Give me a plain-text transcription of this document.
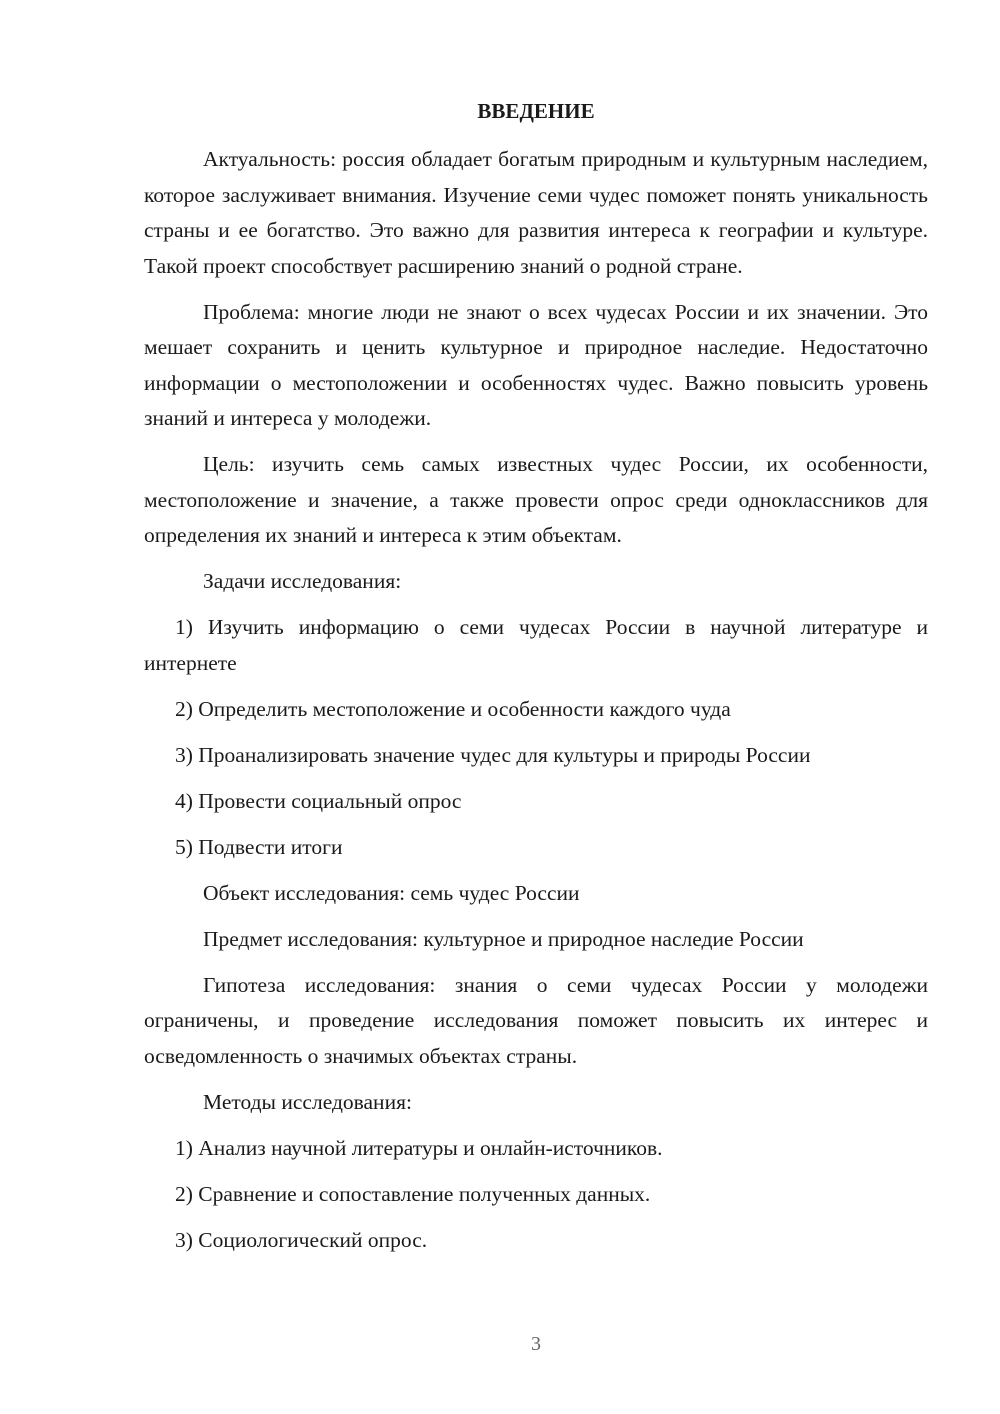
ВВЕДЕНИЕ

Актуальность: россия обладает богатым природным и культурным наследием, которое заслуживает внимания. Изучение семи чудес поможет понять уникальность страны и ее богатство. Это важно для развития интереса к географии и культуре. Такой проект способствует расширению знаний о родной стране.

Проблема: многие люди не знают о всех чудесах России и их значении. Это мешает сохранить и ценить культурное и природное наследие. Недостаточно информации о местоположении и особенностях чудес. Важно повысить уровень знаний и интереса у молодежи.

Цель: изучить семь самых известных чудес России, их особенности, местоположение и значение, а также провести опрос среди одноклассников для определения их знаний и интереса к этим объектам.

Задачи исследования:

1) Изучить информацию о семи чудесах России в научной литературе и интернете

2) Определить местоположение и особенности каждого чуда

3) Проанализировать значение чудес для культуры и природы России

4) Провести социальный опрос

5) Подвести итоги

Объект исследования: семь чудес России

Предмет исследования: культурное и природное наследие России

Гипотеза исследования: знания о семи чудесах России у молодежи ограничены, и проведение исследования поможет повысить их интерес и осведомленность о значимых объектах страны.

Методы исследования:

1) Анализ научной литературы и онлайн-источников.

2) Сравнение и сопоставление полученных данных.

3) Социологический опрос.

3
